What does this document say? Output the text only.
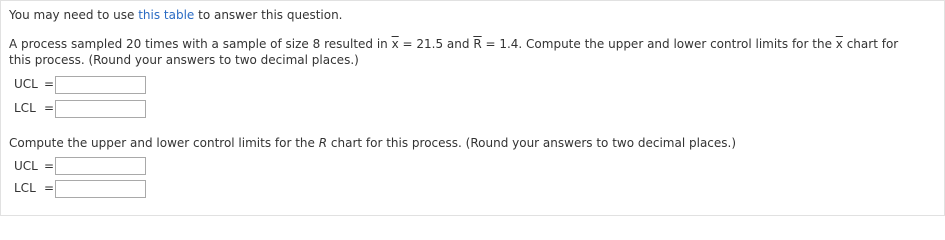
You may need to use this table to answer this question.
A process sampled 20 times with a sample of size 8 resulted in $\overline{x} = 21.5$ and $\overline{R} = 1.4$. Compute the upper and lower control limits for the $\overline{x}$ chart for
this process. (Round your answers to two decimal places.)
UCL =
LCL =
Compute the upper and lower control limits for the R chart for this process. (Round your answers to two decimal places.)
UCL =
LCL =
